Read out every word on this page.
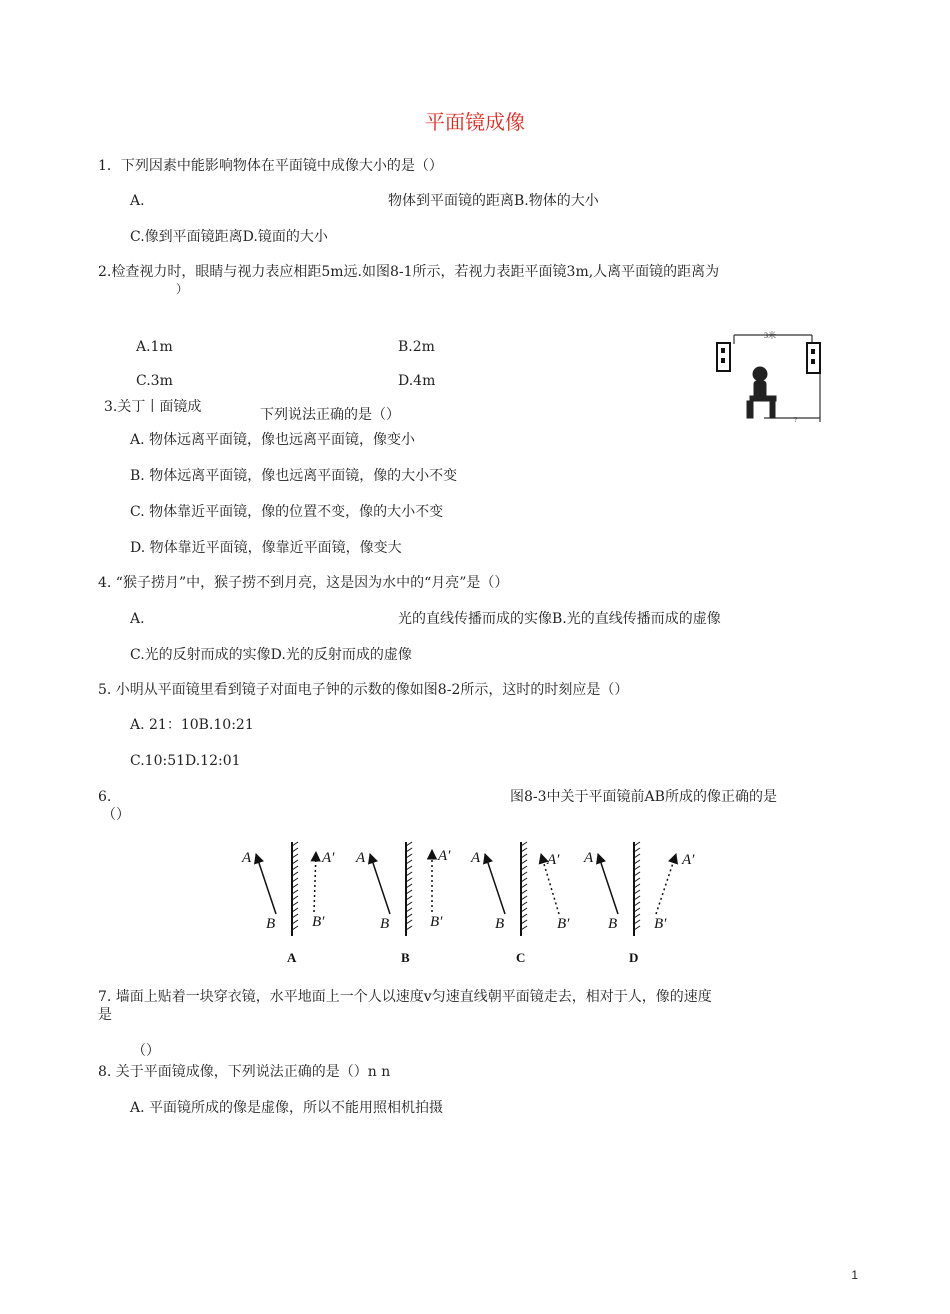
平面镜成像
1．下列因素中能影响物体在平面镜中成像大小的是（）
A.	物体到平面镜的距离B.物体的大小
C.像到平面镜距离D.镜面的大小
2.检查视力时，眼睛与视力表应相距5m远.如图8-1所示，若视力表距平面镜3m,人离平面镜的距离为
）
A.1m	B.2m
C.3m	D.4m
3米
?
3.关丁丨面镜成	下列说法正确的是（）
A. 物体远离平面镜，像也远离平面镜，像变小
B. 物体远离平面镜，像也远离平面镜，像的大小不变
C. 物体靠近平面镜，像的位置不变，像的大小不变
D. 物体靠近平面镜，像靠近平面镜，像变大
4. “猴子捞月”中，猴子捞不到月亮，这是因为水中的“月亮”是（）
A.	光的直线传播而成的实像B.光的直线传播而成的虚像
C.光的反射而成的实像D.光的反射而成的虚像
5. 小明从平面镜里看到镜子对面电子钟的示数的像如图8-2所示，这时的时刻应是（）
A. 21：10B.10:21
C.10:51D.12:01
6.	图8-3中关于平面镜前AB所成的像正确的是
（）
A
B
A′
B′
A
A
B
A′
B′
B
A
B
A′
B′
C
A
B
A′
B′
D
7. 墙面上贴着一块穿衣镜，水平地面上一个人以速度v匀速直线朝平面镜走去，相对于人，像的速度
是
（）
8. 关于平面镜成像，下列说法正确的是（）n n
A. 平面镜所成的像是虚像，所以不能用照相机拍摄
1
